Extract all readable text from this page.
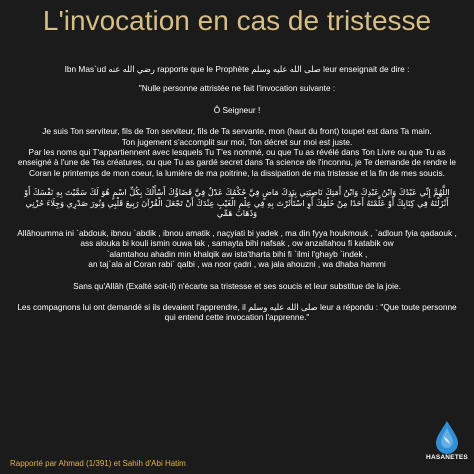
L'invocation en cas de tristesse

Ibn Mas`ud رضي الله عنه rapporte que le Prophète صلى الله عليه وسلم leur enseignait de dire :

"Nulle personne attristée ne fait l'invocation suivante :

Ô Seigneur !

Je suis Ton serviteur, fils de Ton serviteur, fils de Ta servante, mon (haut du front) toupet est dans Ta main.

Ton jugement s'accomplit sur moi, Ton décret sur moi est juste.

Par les noms qui T'appartiennent avec lesquels Tu T'es nommé, ou que Tu as révélé dans Ton Livre ou que Tu as enseigné à l'une de Tes créatures, ou que Tu as gardé secret dans Ta science de l'inconnu, je Te demande de rendre le Coran le printemps de mon coeur, la lumière de ma poitrine, la dissipation de ma tristesse et la fin de mes soucis.

اللَّهُمَّ إِنِّي عَبْدُكَ وَابْنُ عَبْدِكَ وَابْنُ أَمَتِكَ نَاصِيَتِي بِيَدِكَ مَاضٍ فِيَّ حُكْمُكَ عَدْلٌ فِيَّ قَضَاؤُكَ أَسْأَلُكَ بِكُلِّ اسْمٍ هُوَ لَكَ سَمَّيْتَ بِهِ نَفْسَكَ أَوْ أَنْزَلْتَهُ فِي كِتَابِكَ أَوْ عَلَّمْتَهُ أَحَدًا مِنْ خَلْقِكَ أَوِ اسْتَأْثَرْتَ بِهِ فِي عِلْمِ الْغَيْبِ عِنْدَكَ أَنْ تَجْعَلَ الْقُرْآنَ رَبِيعَ قَلْبِي وَنُورَ صَدْرِي وَجِلَاءَ حُزْنِي وَذَهَابَ هَمِّي

Allâhoumma ini `abdouk, ibnou `abdik , ibnou amatik , naçyiati bi yadek , ma din fyya houkmouk , `adloun fyia qadaouk , ass alouka bi kouli ismin ouwa lak , samayta bihi nafsak , ow anzaltahou fi katabik ow

`alamtahou ahadin min khalqik aw ista'tharta bihi fi `ilmi l'ghayb `indek ,

an taj`ala al Coran rabi` qalbi , wa noor çadri , wa jala ahouzni , wa dhaba hammi

Sans qu'Allâh (Exalté soit-il) n'écarte sa tristesse et ses soucis et leur substitue de la joie.

Les compagnons lui ont demandé si ils devaient l'apprendre, il صلى الله عليه وسلم leur a répondu : "Que toute personne qui entend cette invocation l'apprenne."

Rapporté par Ahmad (1/391) et Sahih d'Abi Hatim
HASANETES
